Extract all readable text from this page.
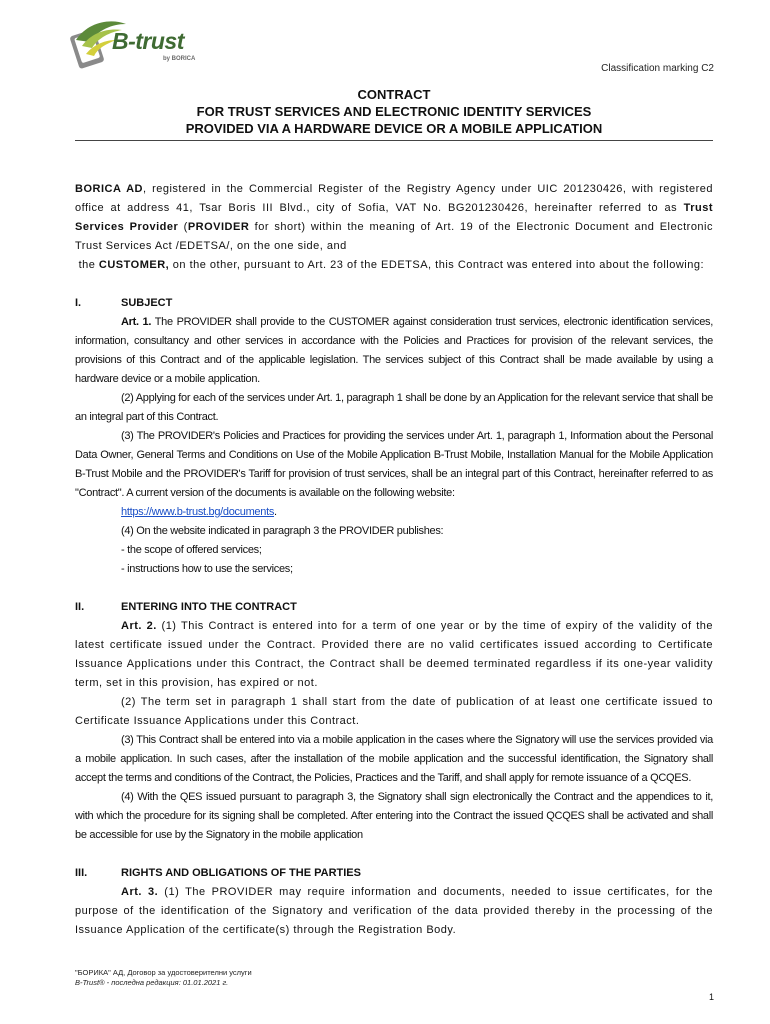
B-trust
by BORICA
Classification marking C2
CONTRACT
FOR TRUST SERVICES AND ELECTRONIC IDENTITY SERVICES
PROVIDED VIA A HARDWARE DEVICE OR A MOBILE APPLICATION

BORICA AD, registered in the Commercial Register of the Registry Agency under UIC 201230426, with registered office at address 41, Tsar Boris III Blvd., city of Sofia, VAT No. BG201230426, hereinafter referred to as Trust Services Provider (PROVIDER for short) within the meaning of Art. 19 of the Electronic Document and Electronic Trust Services Act /EDETSA/, on the one side, and

the CUSTOMER, on the other, pursuant to Art. 23 of the EDETSA, this Contract was entered into about the following:

I.	SUBJECT

Art. 1. The PROVIDER shall provide to the CUSTOMER against consideration trust services, electronic identification services, information, consultancy and other services in accordance with the Policies and Practices for provision of the relevant services, the provisions of this Contract and of the applicable legislation. The services subject of this Contract shall be made available by using a hardware device or a mobile application.

(2) Applying for each of the services under Art. 1, paragraph 1 shall be done by an Application for the relevant service that shall be an integral part of this Contract.

(3) The PROVIDER's Policies and Practices for providing the services under Art. 1, paragraph 1, Information about the Personal Data Owner, General Terms and Conditions on Use of the Mobile Application B-Trust Mobile, Installation Manual for the Mobile Application B-Trust Mobile and the PROVIDER's Tariff for provision of trust services, shall be an integral part of this Contract, hereinafter referred to as "Contract". A current version of the documents is available on the following website:

https://www.b-trust.bg/documents.

(4) On the website indicated in paragraph 3 the PROVIDER publishes:

- the scope of offered services;

- instructions how to use the services;

II.	ENTERING INTO THE CONTRACT

Art. 2. (1) This Contract is entered into for a term of one year or by the time of expiry of the validity of the latest certificate issued under the Contract. Provided there are no valid certificates issued according to Certificate Issuance Applications under this Contract, the Contract shall be deemed terminated regardless if its one-year validity term, set in this provision, has expired or not.

(2) The term set in paragraph 1 shall start from the date of publication of at least one certificate issued to Certificate Issuance Applications under this Contract.

(3) This Contract shall be entered into via a mobile application in the cases where the Signatory will use the services provided via a mobile application. In such cases, after the installation of the mobile application and the successful identification, the Signatory shall accept the terms and conditions of the Contract, the Policies, Practices and the Tariff, and shall apply for remote issuance of a QCQES.

(4) With the QES issued pursuant to paragraph 3, the Signatory shall sign electronically the Contract and the appendices to it, with which the procedure for its signing shall be completed. After entering into the Contract the issued QCQES shall be activated and shall be accessible for use by the Signatory in the mobile application

III.	RIGHTS AND OBLIGATIONS OF THE PARTIES

Art. 3. (1) The PROVIDER may require information and documents, needed to issue certificates, for the purpose of the identification of the Signatory and verification of the data provided thereby in the processing of the Issuance Application of the certificate(s) through the Registration Body.

"БОРИКА" АД, Договор за удостоверителни услуги
B-Trust® - последна редакция: 01.01.2021 г.
1
